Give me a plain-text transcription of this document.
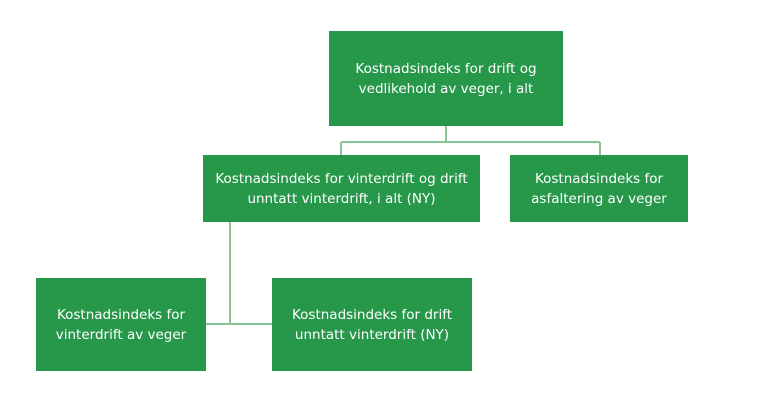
Kostnadsindeks for drift og vedlikehold av veger, i alt
Kostnadsindeks for vinterdrift og drift unntatt vinterdrift, i alt (NY)
Kostnadsindeks for asfaltering av veger
Kostnadsindeks for vinterdrift av veger
Kostnadsindeks for drift unntatt vinterdrift (NY)
